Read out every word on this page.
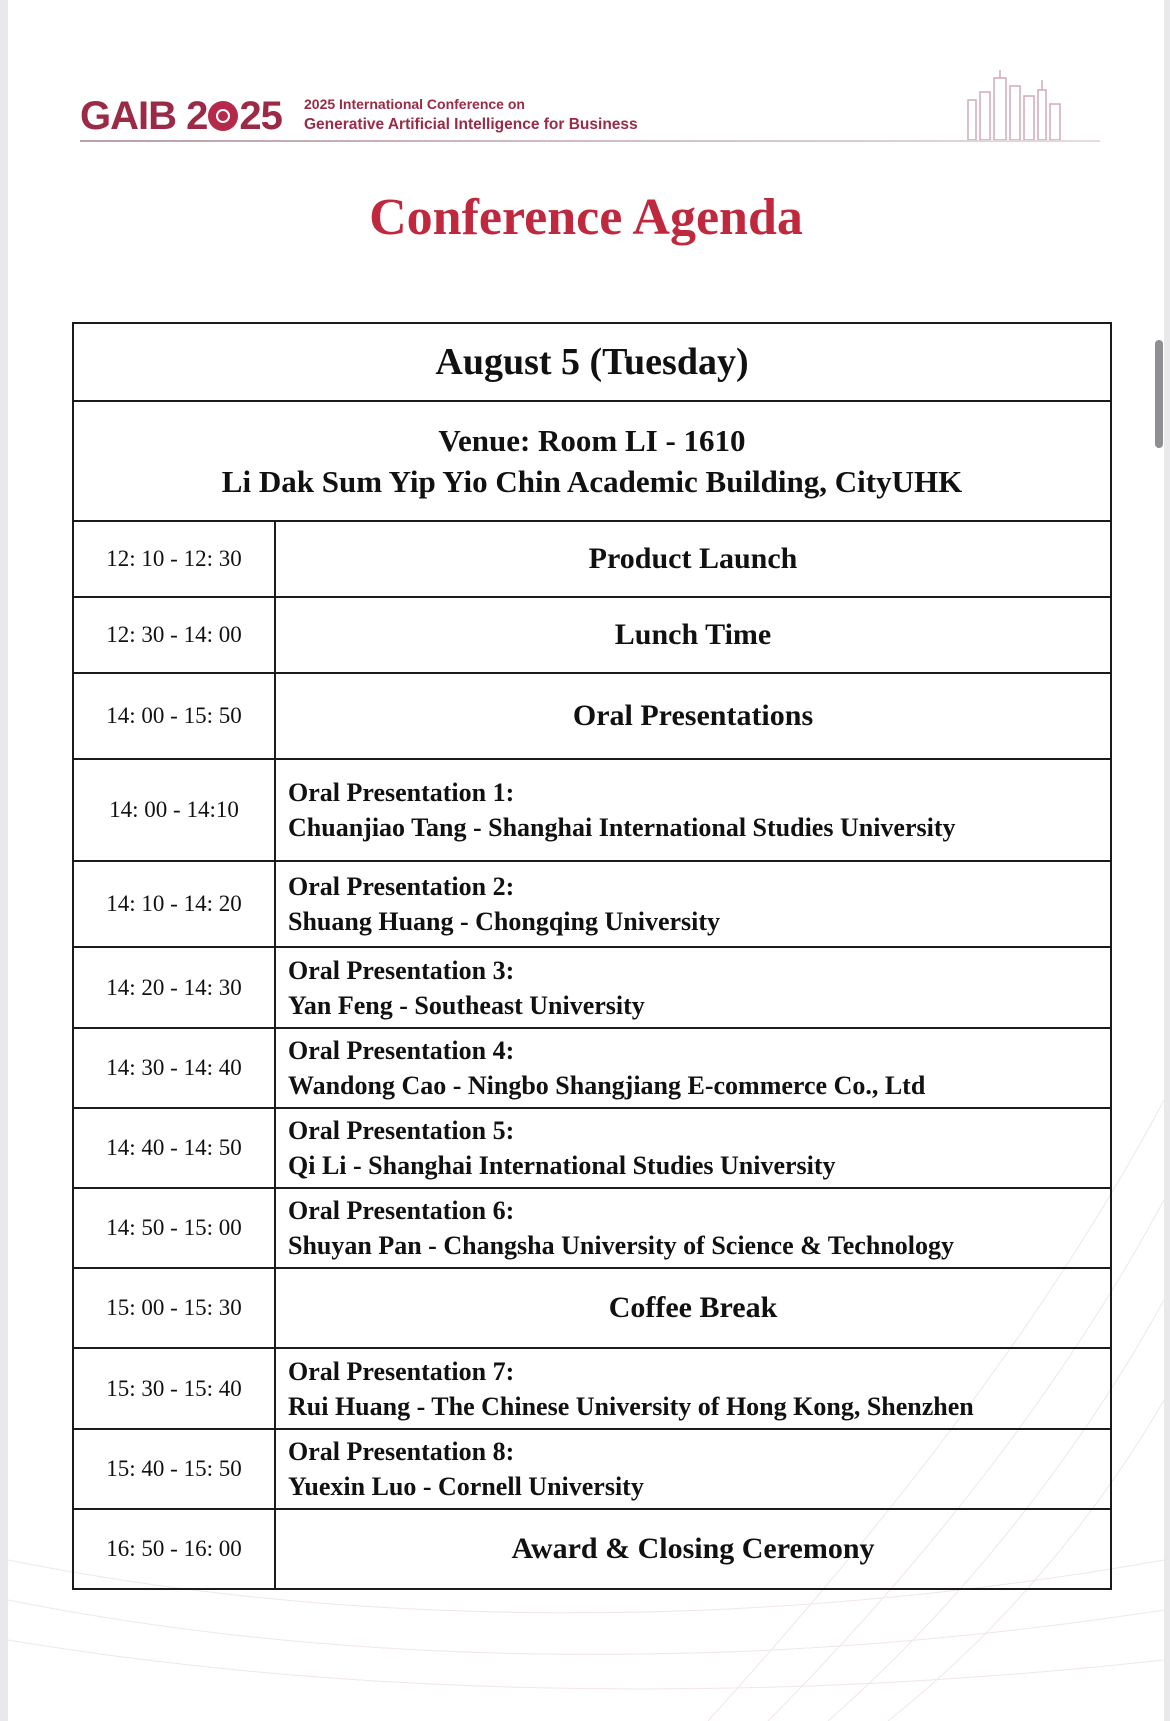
GAIB 2 25 2025 International Conference on
Generative Artificial Intelligence for Business
Conference Agenda
August 5 (Tuesday)	

Venue: Room LI - 1610
Li Dak Sum Yip Yio Chin Academic Building, CityUHK	

12: 10 - 12: 30	Product Launch
12: 30 - 14: 00	Lunch Time
14: 00 - 15: 50	Oral Presentations
14: 00 - 14:10	Oral Presentation 1:
Chuanjiao Tang - Shanghai International Studies University

14: 10 - 14: 20	Oral Presentation 2:
Shuang Huang - Chongqing University

14: 20 - 14: 30	Oral Presentation 3:
Yan Feng - Southeast University

14: 30 - 14: 40	Oral Presentation 4:
Wandong Cao - Ningbo Shangjiang E-commerce Co., Ltd

14: 40 - 14: 50	Oral Presentation 5:
Qi Li - Shanghai International Studies University

14: 50 - 15: 00	Oral Presentation 6:
Shuyan Pan - Changsha University of Science & Technology

15: 00 - 15: 30	Coffee Break
15: 30 - 15: 40	Oral Presentation 7:
Rui Huang - The Chinese University of Hong Kong, Shenzhen

15: 40 - 15: 50	Oral Presentation 8:
Yuexin Luo - Cornell University

16: 50 - 16: 00	Award & Closing Ceremony
